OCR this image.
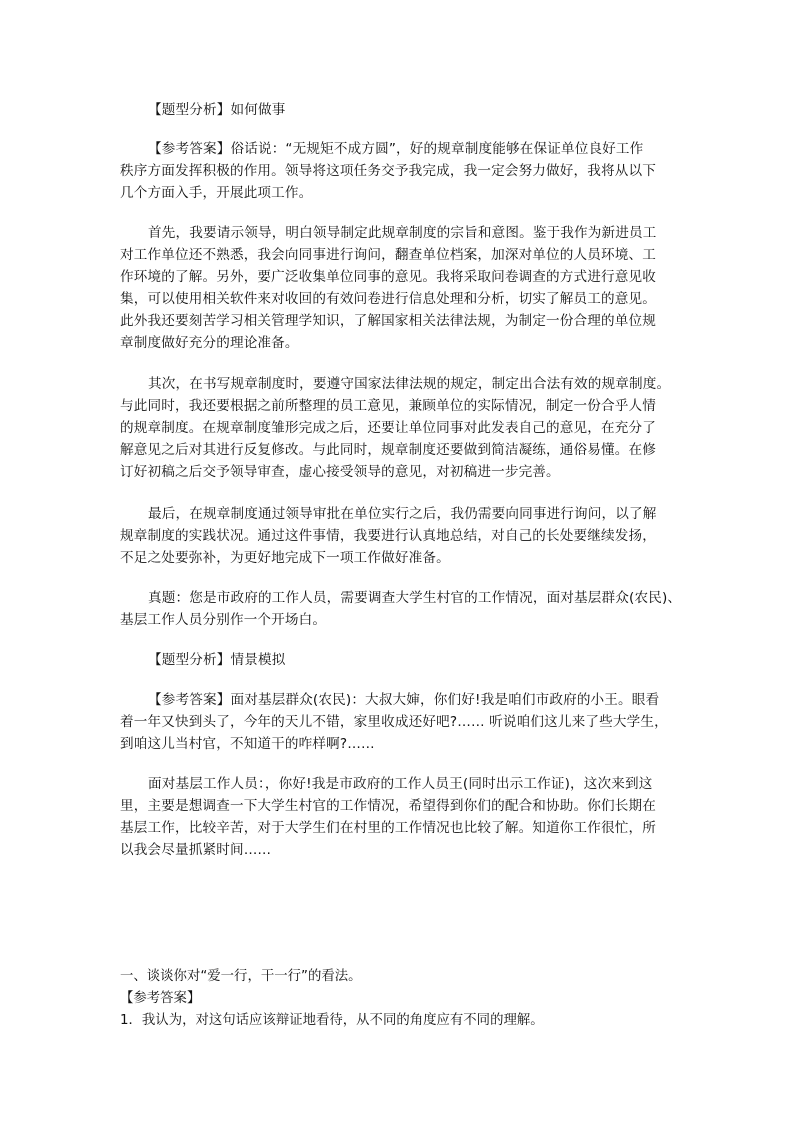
【题型分析】如何做事
【参考答案】俗话说：“无规矩不成方圆”，好的规章制度能够在保证单位良好工作
秩序方面发挥积极的作用。领导将这项任务交予我完成，我一定会努力做好，我将从以下
几个方面入手，开展此项工作。
首先，我要请示领导，明白领导制定此规章制度的宗旨和意图。鉴于我作为新进员工
对工作单位还不熟悉，我会向同事进行询问，翻查单位档案，加深对单位的人员环境、工
作环境的了解。另外，要广泛收集单位同事的意见。我将采取问卷调查的方式进行意见收
集，可以使用相关软件来对收回的有效问卷进行信息处理和分析，切实了解员工的意见。
此外我还要刻苦学习相关管理学知识，了解国家相关法律法规，为制定一份合理的单位规
章制度做好充分的理论准备。
其次，在书写规章制度时，要遵守国家法律法规的规定，制定出合法有效的规章制度。
与此同时，我还要根据之前所整理的员工意见，兼顾单位的实际情况，制定一份合乎人情
的规章制度。在规章制度雏形完成之后，还要让单位同事对此发表自己的意见，在充分了
解意见之后对其进行反复修改。与此同时，规章制度还要做到简洁凝练，通俗易懂。在修
订好初稿之后交予领导审查，虚心接受领导的意见，对初稿进一步完善。
最后，在规章制度通过领导审批在单位实行之后，我仍需要向同事进行询问，以了解
规章制度的实践状况。通过这件事情，我要进行认真地总结，对自己的长处要继续发扬，
不足之处要弥补，为更好地完成下一项工作做好准备。
真题：您是市政府的工作人员，需要调查大学生村官的工作情况，面对基层群众(农民)、
基层工作人员分别作一个开场白。
【题型分析】情景模拟
【参考答案】面对基层群众(农民)：大叔大婶，你们好!我是咱们市政府的小王。眼看
着一年又快到头了，今年的天儿不错，家里收成还好吧?…… 听说咱们这儿来了些大学生，
到咱这儿当村官，不知道干的咋样啊?……
面对基层工作人员：，你好!我是市政府的工作人员王(同时出示工作证)，这次来到这
里，主要是想调查一下大学生村官的工作情况，希望得到你们的配合和协助。你们长期在
基层工作，比较辛苦，对于大学生们在村里的工作情况也比较了解。知道你工作很忙，所
以我会尽量抓紧时间……
一、谈谈你对“爱一行，干一行”的看法。
【参考答案】
1．我认为，对这句话应该辩证地看待，从不同的角度应有不同的理解。
